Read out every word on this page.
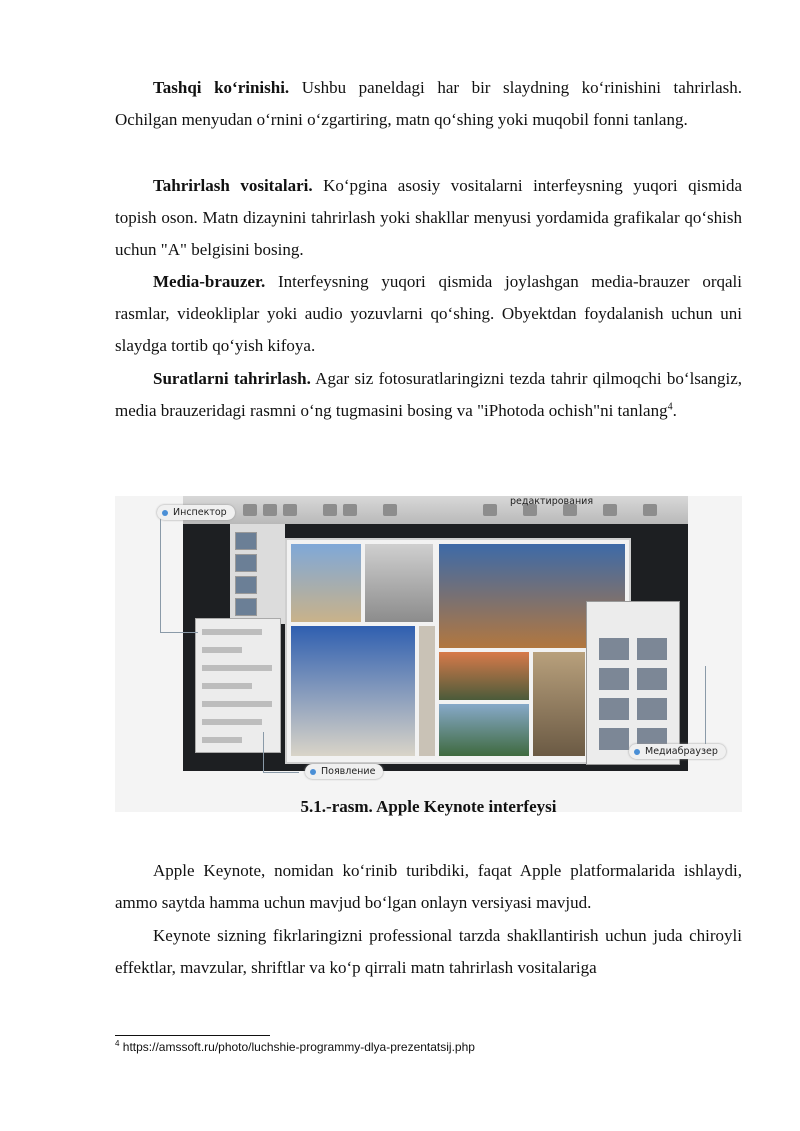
Tashqi ko‘rinishi. Ushbu paneldagi har bir slaydning ko‘rinishini tahrirlash. Ochilgan menyudan o‘rnini o‘zgartiring, matn qo‘shing yoki muqobil fonni tanlang.

Tahrirlash vositalari. Ko‘pgina asosiy vositalarni interfeysning yuqori qismida topish oson. Matn dizaynini tahrirlash yoki shakllar menyusi yordamida grafikalar qo‘shish uchun "A" belgisini bosing.

Media-brauzer. Interfeysning yuqori qismida joylashgan media-brauzer orqali rasmlar, videokliplar yoki audio yozuvlarni qo‘shing. Obyektdan foydalanish uchun uni slaydga tortib qo‘yish kifoya.

Suratlarni tahrirlash. Agar siz fotosuratlaringizni tezda tahrir qilmoqchi bo‘lsangiz, media brauzeridagi rasmni o‘ng tugmasini bosing va "iPhotoda ochish"ni tanlang$^4$.

Инспектор
редактирования
Появление
Медиабраузер
5.1.-rasm. Apple Keynote interfeysi

Apple Keynote, nomidan ko‘rinib turibdiki, faqat Apple platformalarida ishlaydi, ammo saytda hamma uchun mavjud bo‘lgan onlayn versiyasi mavjud.

Keynote sizning fikrlaringizni professional tarzda shakllantirish uchun juda chiroyli effektlar, mavzular, shriftlar va ko‘p qirrali matn tahrirlash vositalariga

$^4$ https://amssoft.ru/photo/luchshie-programmy-dlya-prezentatsij.php
